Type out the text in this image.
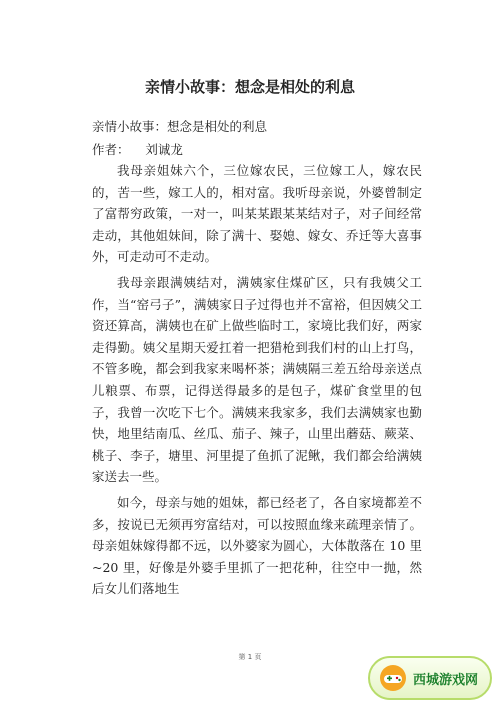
亲情小故事：想念是相处的利息
亲情小故事：想念是相处的利息
作者： 刘诚龙

我母亲姐妹六个，三位嫁农民，三位嫁工人，嫁农民的，苦一些，嫁工人的，相对富。我听母亲说，外婆曾制定了富帮穷政策，一对一，叫某某跟某某结对子，对子间经常走动，其他姐妹间，除了满十、娶媳、嫁女、乔迁等大喜事外，可走动可不走动。

我母亲跟满姨结对，满姨家住煤矿区，只有我姨父工作，当“窑弓子”，满姨家日子过得也并不富裕，但因姨父工资还算高，满姨也在矿上做些临时工，家境比我们好，两家走得勤。姨父星期天爱扛着一把猎枪到我们村的山上打鸟，不管多晚，都会到我家来喝杯茶；满姨隔三差五给母亲送点儿粮票、布票，记得送得最多的是包子，煤矿食堂里的包子，我曾一次吃下七个。满姨来我家多，我们去满姨家也勤快，地里结南瓜、丝瓜、茄子、辣子，山里出蘑菇、蕨菜、桃子、李子，塘里、河里提了鱼抓了泥鳅，我们都会给满姨家送去一些。

如今，母亲与她的姐妹，都已经老了，各自家境都差不多，按说已无须再穷富结对，可以按照血缘来疏理亲情了。母亲姐妹嫁得都不远，以外婆家为圆心，大体散落在 10 里~20 里，好像是外婆手里抓了一把花种，往空中一抛，然后女儿们落地生

第 1 页
西城游戏网
